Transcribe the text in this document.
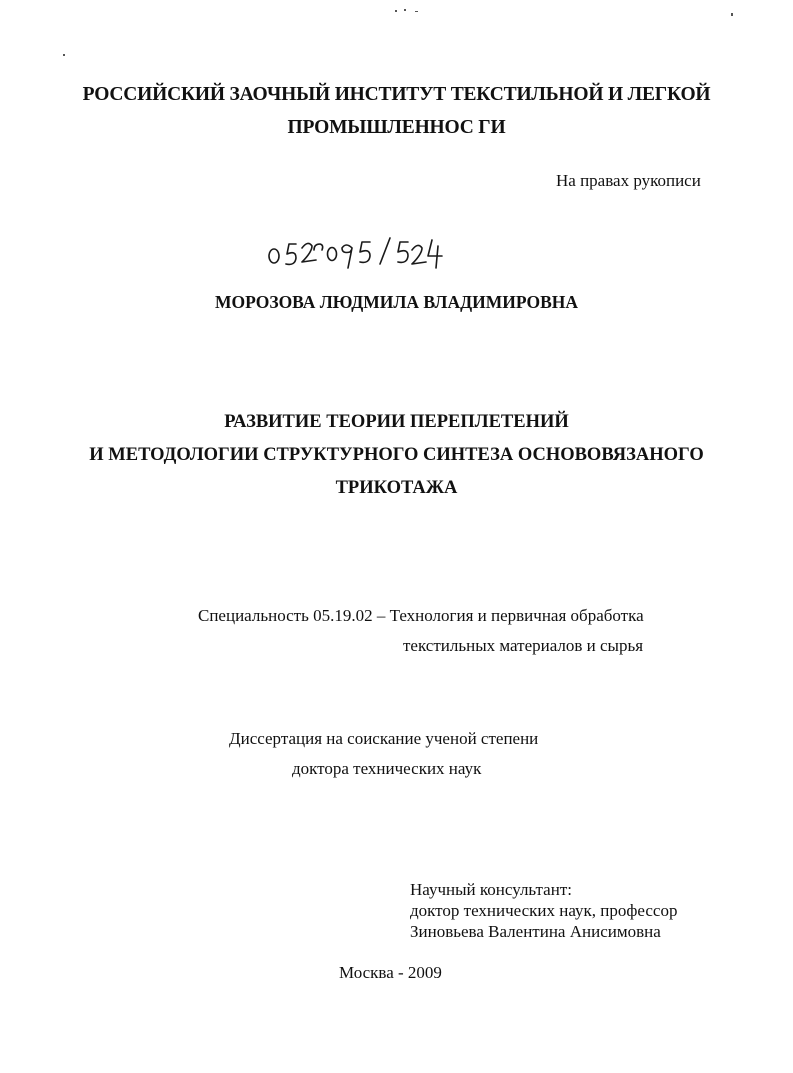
РОССИЙСКИЙ ЗАОЧНЫЙ ИНСТИТУТ ТЕКСТИЛЬНОЙ И ЛЕГКОЙ
ПРОМЫШЛЕННОС ГИ
На правах рукописи
МОРОЗОВА ЛЮДМИЛА ВЛАДИМИРОВНА
РАЗВИТИЕ ТЕОРИИ ПЕРЕПЛЕТЕНИЙ
И МЕТОДОЛОГИИ СТРУКТУРНОГО СИНТЕЗА ОСНОВОВЯЗАНОГО
ТРИКОТАЖА
Специальность 05.19.02 – Технология и первичная обработка
текстильных материалов и сырья
Диссертация на соискание ученой степени
доктора технических наук
Научный консультант:
доктор технических наук, профессор
Зиновьева Валентина Анисимовна
Москва - 2009
